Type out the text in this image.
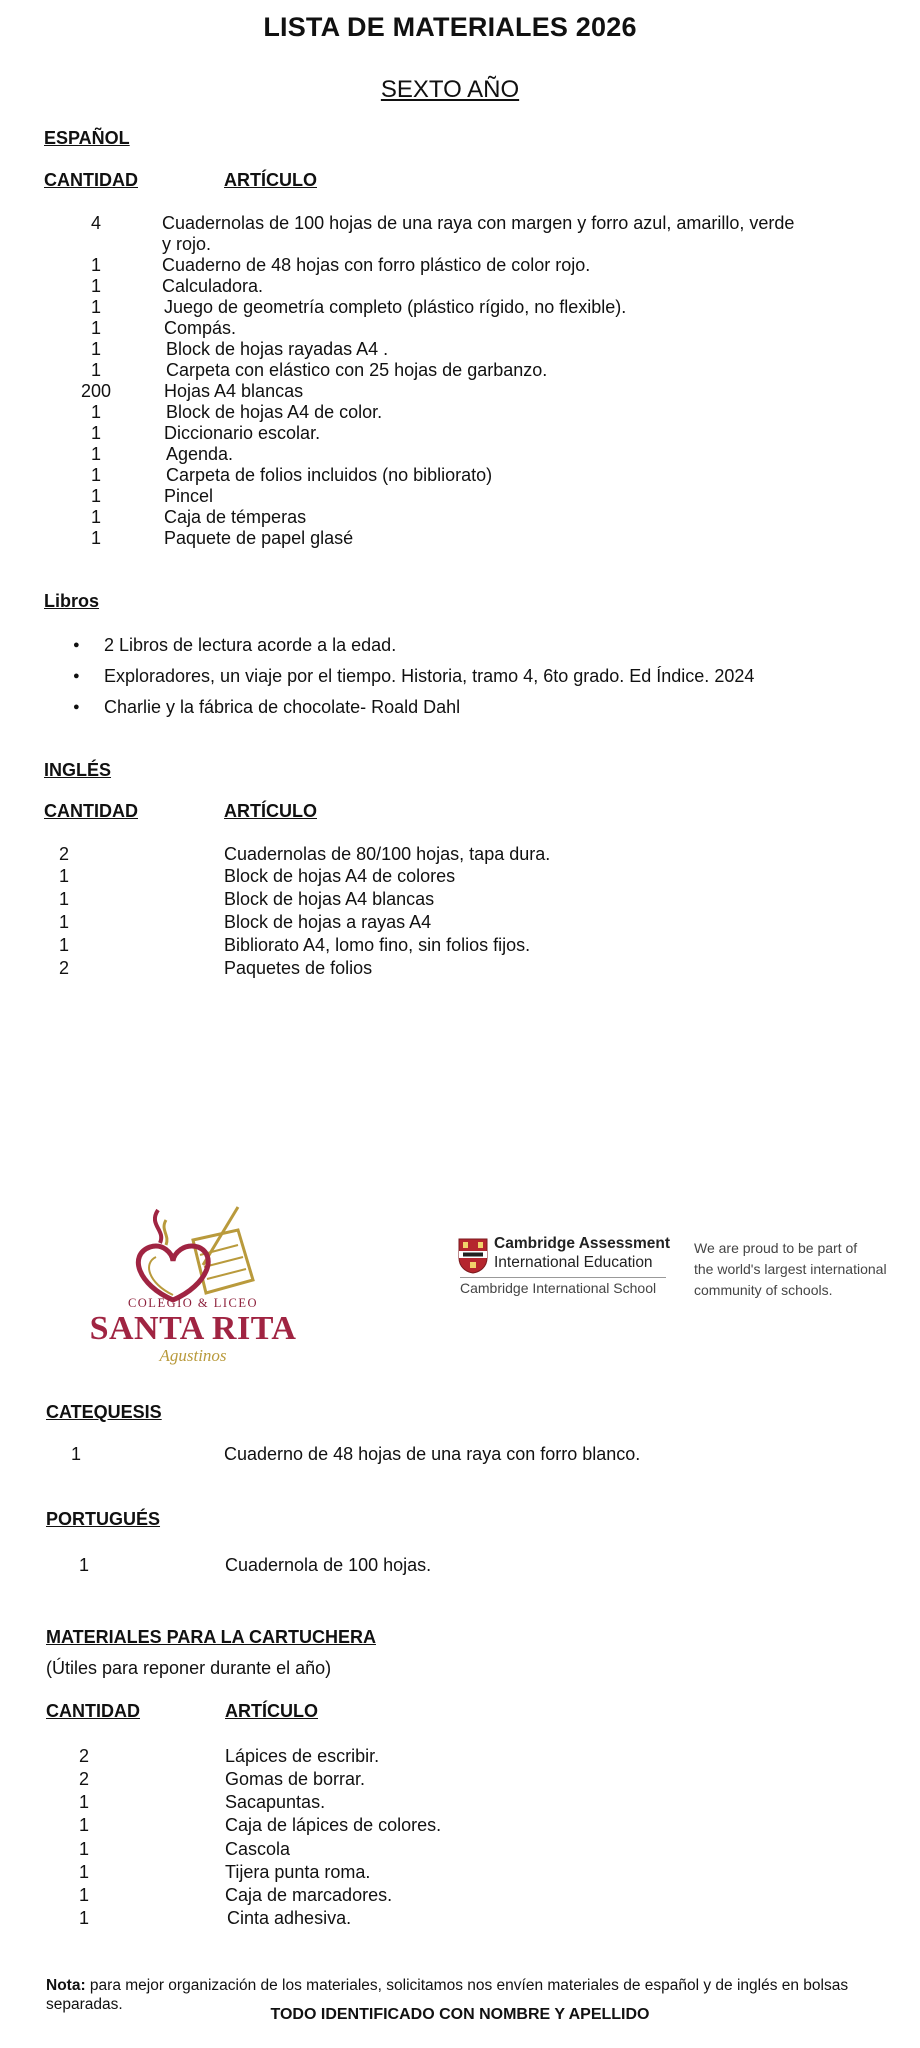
LISTA DE MATERIALES 2026
SEXTO AÑO
ESPAÑOL
CANTIDAD	ARTÍCULO
4	Cuadernolas de 100 hojas de una raya con margen y forro azul, amarillo, verde y rojo.
1	Cuaderno de 48 hojas con forro plástico de color rojo.
1	Calculadora.
1	Juego de geometría completo (plástico rígido, no flexible).
1	Compás.
1	Block de hojas rayadas A4 .
1	Carpeta con elástico con 25 hojas de garbanzo.
200	Hojas A4 blancas
1	Block de hojas A4 de color.
1	Diccionario escolar.
1	Agenda.
1	Carpeta de folios incluidos (no biblioratо)
1	Pincel
1	Caja de témperas
1	Paquete de papel glasé
Libros
● 2 Libros de lectura acorde a la edad.
● Exploradores, un viaje por el tiempo. Historia, tramo 4, 6to grado. Ed Índice. 2024
● Charlie y la fábrica de chocolate- Roald Dahl
INGLÉS
CANTIDAD	ARTÍCULO
2	Cuadernolas de 80/100 hojas, tapa dura.
1	Block de hojas A4 de colores
1	Block de hojas A4 blancas
1	Block de hojas a rayas A4
1	Bibliorato A4, lomo fino, sin folios fijos.
2	Paquetes de folios
COLEGIO & LICEO
SANTA RITA
Agustinos
Cambridge Assessment
International Education
Cambridge International School
We are proud to be part of
the world's largest international
community of schools.
CATEQUESIS
1	Cuaderno de 48 hojas de una raya con forro blanco.
PORTUGUÉS
1	Cuadernola de 100 hojas.
MATERIALES PARA LA CARTUCHERA
(Útiles para reponer durante el año)
CANTIDAD	ARTÍCULO
2	Lápices de escribir.
2	Gomas de borrar.
1	Sacapuntas.
1	Caja de lápices de colores.
1	Cascola
1	Tijera punta roma.
1	Caja de marcadores.
1	Cinta adhesiva.
Nota: para mejor organización de los materiales, solicitamos nos envíen materiales de español y de inglés en bolsas separadas.
TODO IDENTIFICADO CON NOMBRE Y APELLIDO
